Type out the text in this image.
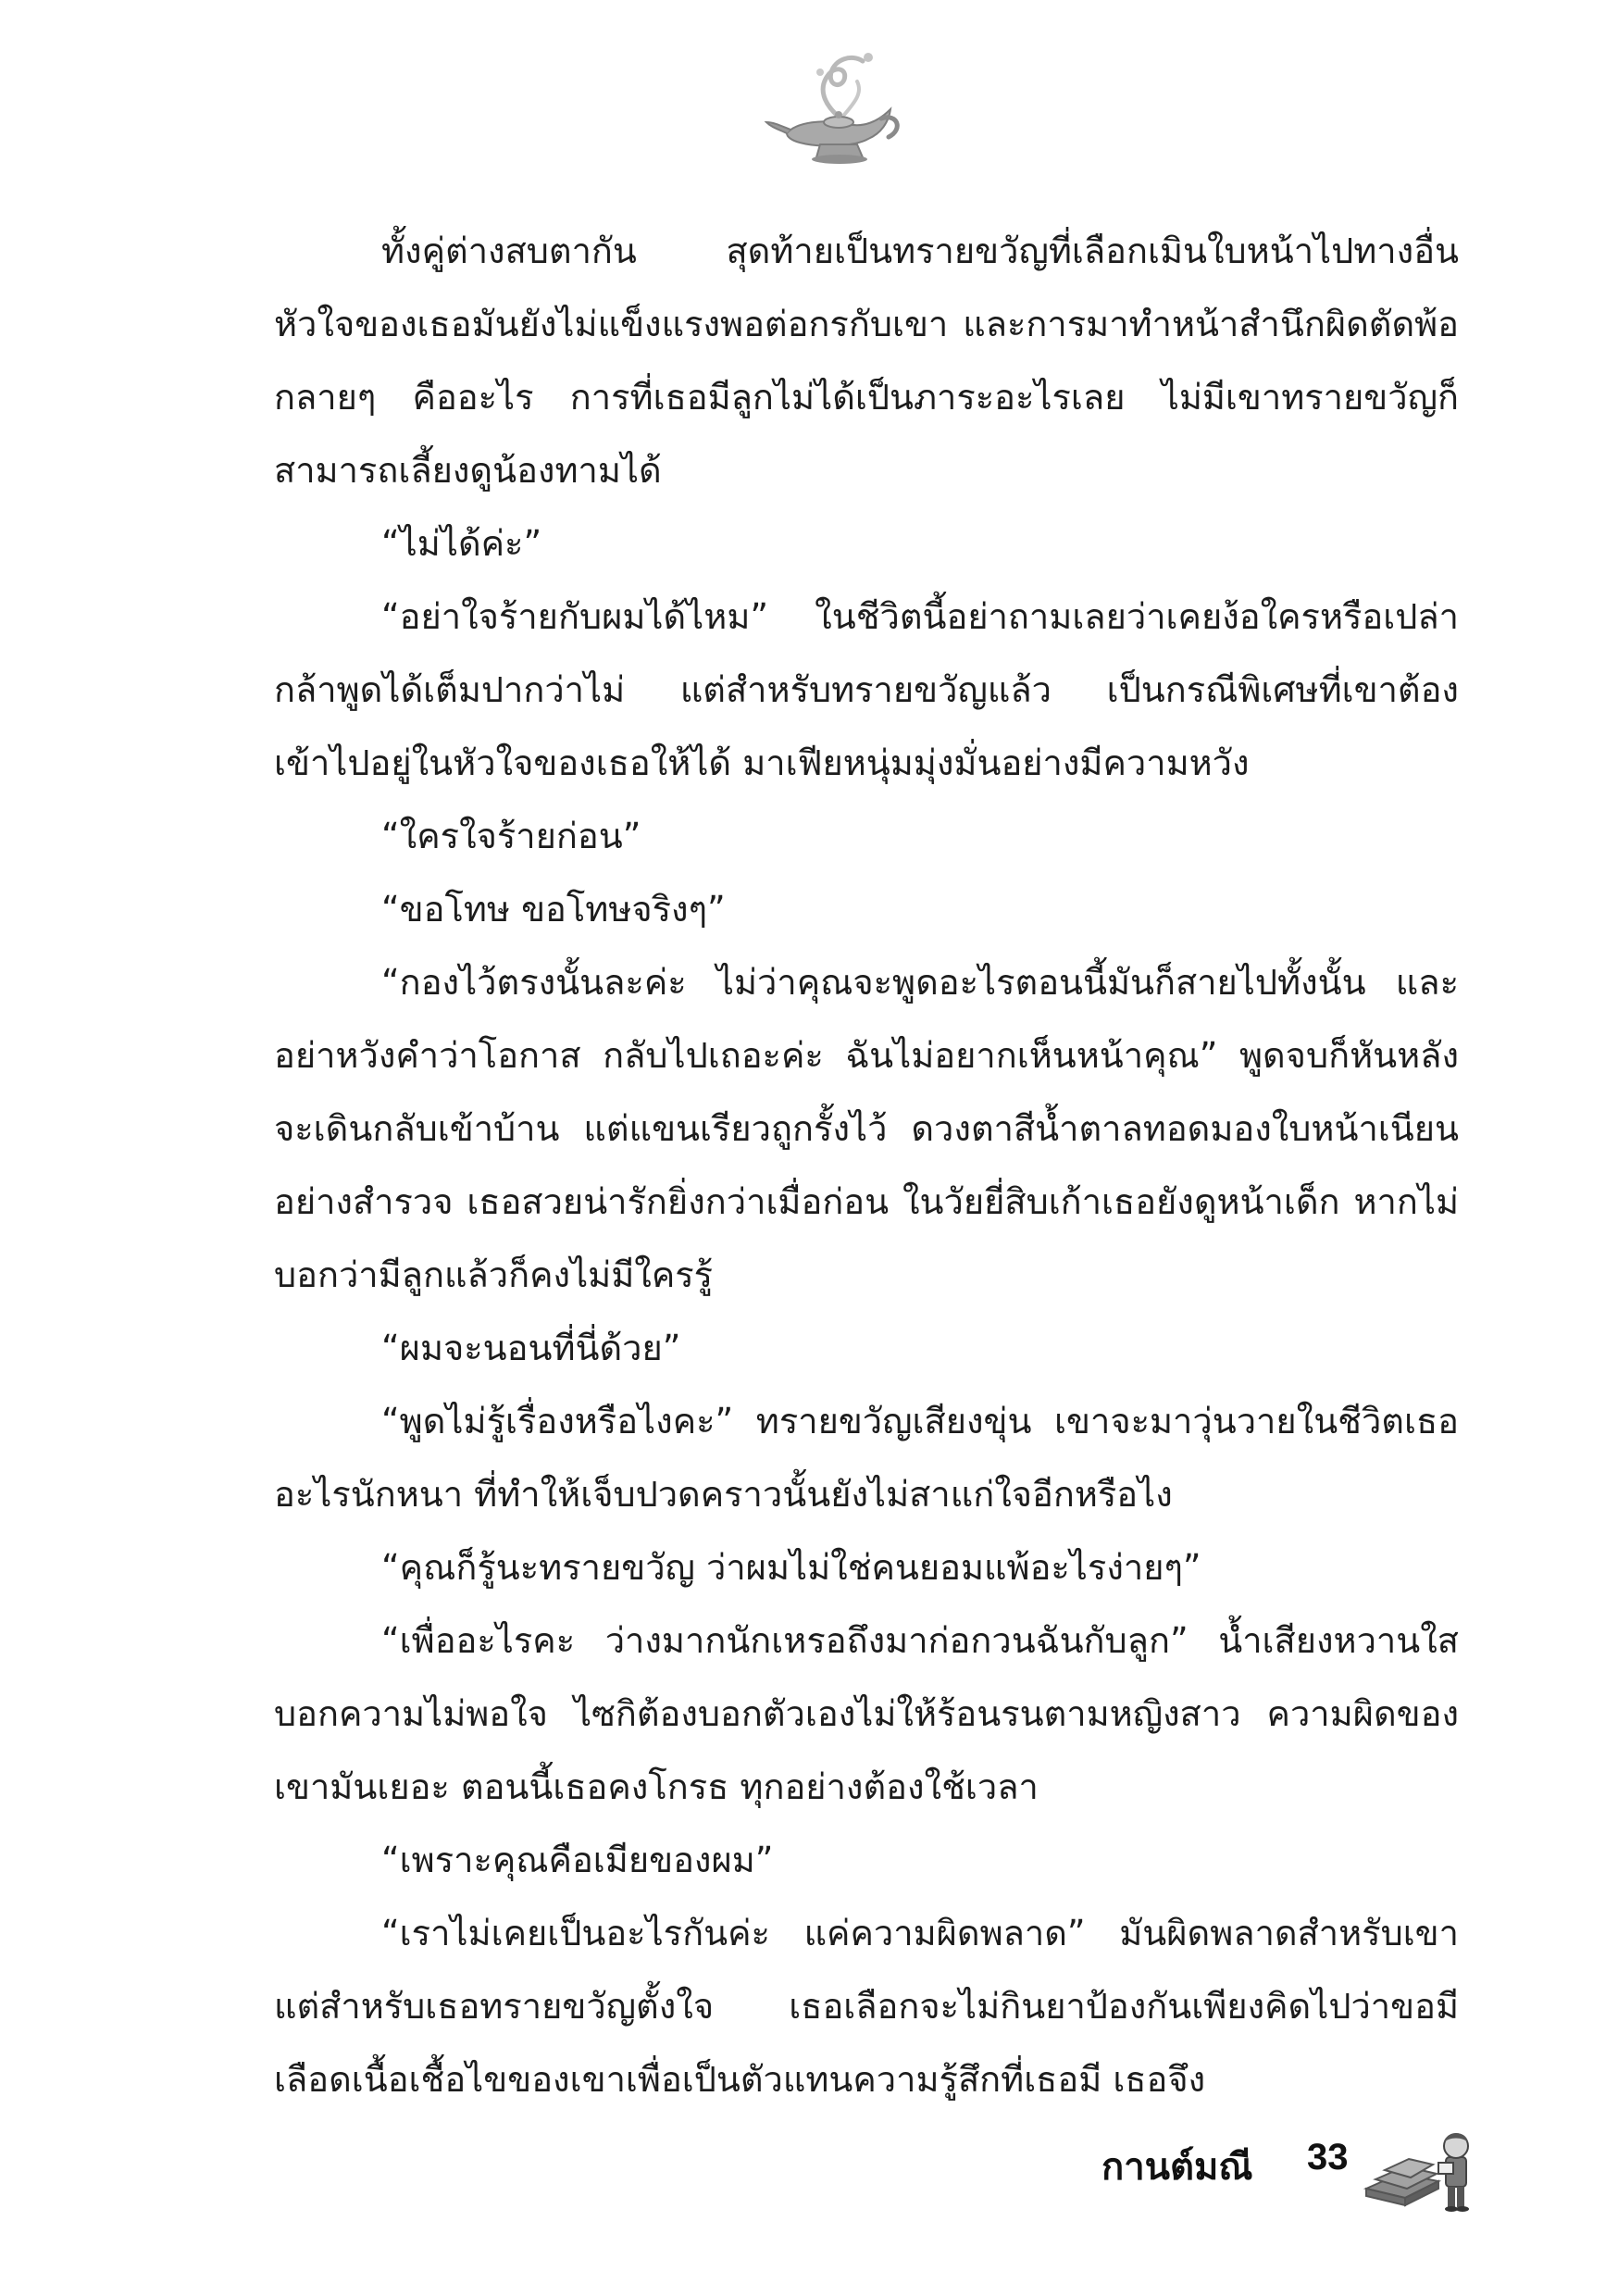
ทั้งคู่ต่างสบตากัน สุดท้ายเป็นทรายขวัญที่เลือกเมินใบหน้าไปทางอื่น หัวใจของเธอมันยังไม่แข็งแรงพอต่อกรกับเขา และการมาทำหน้าสำนึกผิดตัดพ้อกลายๆ คืออะไร การที่เธอมีลูกไม่ได้เป็นภาระอะไรเลย ไม่มีเขาทรายขวัญก็สามารถเลี้ยงดูน้องทามได้

“ไม่ได้ค่ะ”

“อย่าใจร้ายกับผมได้ไหม” ในชีวิตนี้อย่าถามเลยว่าเคยง้อใครหรือเปล่า กล้าพูดได้เต็มปากว่าไม่ แต่สำหรับทรายขวัญแล้ว เป็นกรณีพิเศษที่เขาต้องเข้าไปอยู่ในหัวใจของเธอให้ได้ มาเฟียหนุ่มมุ่งมั่นอย่างมีความหวัง

“ใครใจร้ายก่อน”

“ขอโทษ ขอโทษจริงๆ”

“กองไว้ตรงนั้นละค่ะ ไม่ว่าคุณจะพูดอะไรตอนนี้มันก็สายไปทั้งนั้น และอย่าหวังคำว่าโอกาส กลับไปเถอะค่ะ ฉันไม่อยากเห็นหน้าคุณ” พูดจบก็หันหลังจะเดินกลับเข้าบ้าน แต่แขนเรียวถูกรั้งไว้ ดวงตาสีน้ำตาลทอดมองใบหน้าเนียนอย่างสำรวจ เธอสวยน่ารักยิ่งกว่าเมื่อก่อน ในวัยยี่สิบเก้าเธอยังดูหน้าเด็ก หากไม่บอกว่ามีลูกแล้วก็คงไม่มีใครรู้

“ผมจะนอนที่นี่ด้วย”

“พูดไม่รู้เรื่องหรือไงคะ” ทรายขวัญเสียงขุ่น เขาจะมาวุ่นวายในชีวิตเธออะไรนักหนา ที่ทำให้เจ็บปวดคราวนั้นยังไม่สาแก่ใจอีกหรือไง

“คุณก็รู้นะทรายขวัญ ว่าผมไม่ใช่คนยอมแพ้อะไรง่ายๆ”

“เพื่ออะไรคะ ว่างมากนักเหรอถึงมาก่อกวนฉันกับลูก” น้ำเสียงหวานใสบอกความไม่พอใจ ไซกิต้องบอกตัวเองไม่ให้ร้อนรนตามหญิงสาว ความผิดของเขามันเยอะ ตอนนี้เธอคงโกรธ ทุกอย่างต้องใช้เวลา

“เพราะคุณคือเมียของผม”

“เราไม่เคยเป็นอะไรกันค่ะ แค่ความผิดพลาด” มันผิดพลาดสำหรับเขา แต่สำหรับเธอทรายขวัญตั้งใจ เธอเลือกจะไม่กินยาป้องกันเพียงคิดไปว่าขอมีเลือดเนื้อเชื้อไขของเขาเพื่อเป็นตัวแทนความรู้สึกที่เธอมี เธอจึง

กานต์มณี 33
